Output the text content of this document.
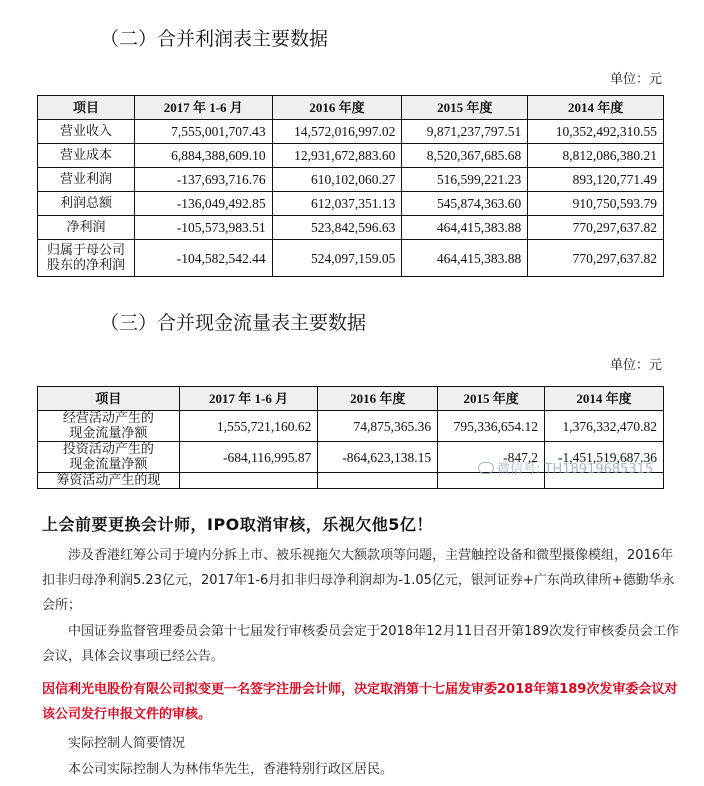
（二）合并利润表主要数据
单位：元
项目	2017 年 1-6 月	2016 年度	2015 年度	2014 年度
营业收入	7,555,001,707.43	14,572,016,997.02	9,871,237,797.51	10,352,492,310.55
营业成本	6,884,388,609.10	12,931,672,883.60	8,520,367,685.68	8,812,086,380.21
营业利润	-137,693,716.76	610,102,060.27	516,599,221.23	893,120,771.49
利润总额	-136,049,492.85	612,037,351.13	545,874,363.60	910,750,593.79
净利润	-105,573,983.51	523,842,596.63	464,415,383.88	770,297,637.82
归属于母公司
股东的净利润	-104,582,542.44	524,097,159.05	464,415,383.88	770,297,637.82
（三）合并现金流量表主要数据
单位：元
项目	2017 年 1-6 月	2016 年度	2015 年度	2014 年度
经营活动产生的
现金流量净额	1,555,721,160.62	74,875,365.36	795,336,654.12	1,376,332,470.82
投资活动产生的
现金流量净额	-684,116,995.87	-864,623,138.15	-847,2	-1,451,519,687.36
筹资活动产生的现				
微信号: TH18919685315
上会前要更换会计师，IPO取消审核，乐视欠他5亿！
涉及香港红筹公司于境内分拆上市、被乐视拖欠大额款项等问题，主营触控设备和微型摄像模组，2016年扣非归母净利润5.23亿元，2017年1-6月扣非归母净利润却为-1.05亿元，银河证券+广东尚玖律所+德勤华永会所；
中国证券监督管理委员会第十七届发行审核委员会定于2018年12月11日召开第189次发行审核委员会工作会议，具体会议事项已经公告。
因信利光电股份有限公司拟变更一名签字注册会计师，决定取消第十七届发审委2018年第189次发审委会议对该公司发行申报文件的审核。
实际控制人简要情况
本公司实际控制人为林伟华先生，香港特别行政区居民。
